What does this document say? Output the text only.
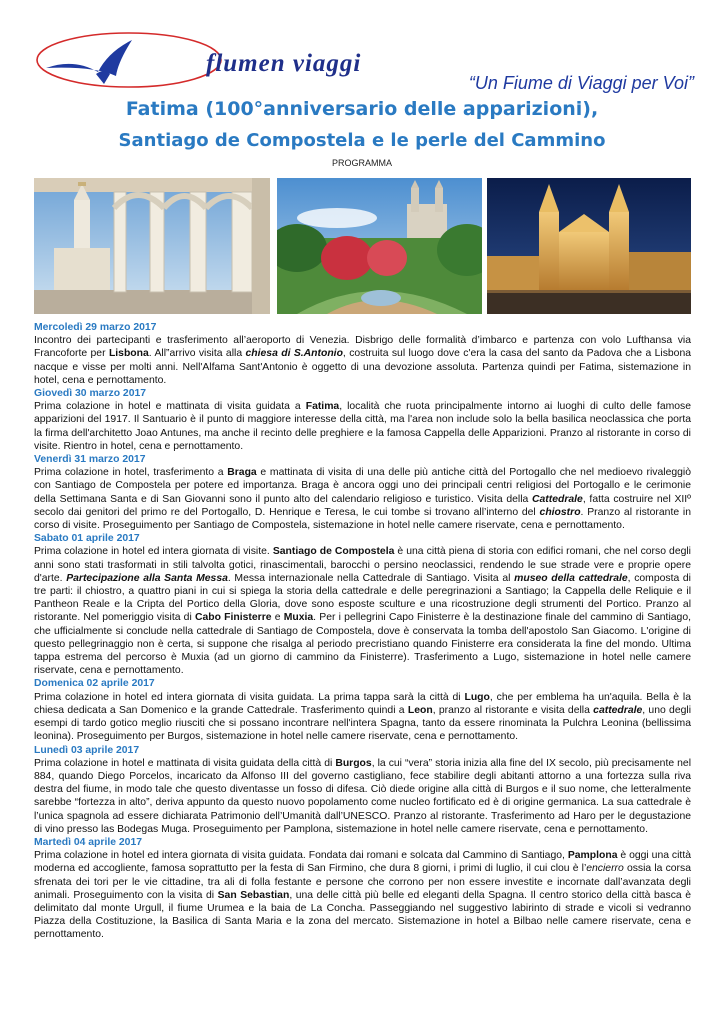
flumen viaggi
“Un Fiume di Viaggi per Voi”
Fatima (100°anniversario delle apparizioni),
Santiago de Compostela e le perle del Cammino
PROGRAMMA
Mercoledì 29 marzo 2017
Incontro dei partecipanti e trasferimento all’aeroporto di Venezia. Disbrigo delle formalità d’imbarco e partenza con volo Lufthansa via Francoforte per Lisbona. All”arrivo visita alla chiesa di S.Antonio, costruita sul luogo dove c'era la casa del santo da Padova che a Lisbona nacque e visse per molti anni. Nell'Alfama Sant'Antonio è oggetto di una devozione assoluta. Partenza quindi per Fatima, sistemazione in hotel, cena e pernottamento.
Giovedì 30 marzo 2017
Prima colazione in hotel e mattinata di visita guidata a Fatima, località che ruota principalmente intorno ai luoghi di culto delle famose apparizioni del 1917. Il Santuario è il punto di maggiore interesse della città, ma l'area non include solo la bella basilica neoclassica che porta la firma dell'architetto Joao Antunes, ma anche il recinto delle preghiere e la famosa Cappella delle Apparizioni. Pranzo al ristorante in corso di visite. Rientro in hotel, cena e pernottamento.
Venerdì 31 marzo 2017
Prima colazione in hotel, trasferimento a Braga e mattinata di visita di una delle più antiche città del Portogallo che nel medioevo rivaleggiò con Santiago de Compostela per potere ed importanza. Braga è ancora oggi uno dei principali centri religiosi del Portogallo e le cerimonie della Settimana Santa e di San Giovanni sono il punto alto del calendario religioso e turistico. Visita della Cattedrale, fatta costruire nel XIIº secolo dai genitori del primo re del Portogallo, D. Henrique e Teresa, le cui tombe si trovano all’interno del chiostro. Pranzo al ristorante in corso di visite. Proseguimento per Santiago de Compostela, sistemazione in hotel nelle camere riservate, cena e pernottamento.
Sabato 01 aprile 2017
Prima colazione in hotel ed intera giornata di visite. Santiago de Compostela è una città piena di storia con edifici romani, che nel corso degli anni sono stati trasformati in stili talvolta gotici, rinascimentali, barocchi o persino neoclassici, rendendo le sue strade vere e proprie opere d'arte. Partecipazione alla Santa Messa. Messa internazionale nella Cattedrale di Santiago. Visita al museo della cattedrale, composta di tre parti: il chiostro, a quattro piani in cui si spiega la storia della cattedrale e delle peregrinazioni a Santiago; la Cappella delle Reliquie e il Pantheon Reale e la Cripta del Portico della Gloria, dove sono esposte sculture e una ricostruzione degli strumenti del Portico. Pranzo al ristorante. Nel pomeriggio visita di Cabo Finisterre e Muxia. Per i pellegrini Capo Finisterre è la destinazione finale del cammino di Santiago, che ufficialmente si conclude nella cattedrale di Santiago de Compostela, dove è conservata la tomba dell'apostolo San Giacomo. L'origine di questo pellegrinaggio non è certa, si suppone che risalga al periodo precristiano quando Finisterre era considerata la fine del mondo. Ultima tappa estrema del percorso è Muxia (ad un giorno di cammino da Finisterre). Trasferimento a Lugo, sistemazione in hotel nelle camere riservate, cena e pernottamento.
Domenica 02 aprile 2017
Prima colazione in hotel ed intera giornata di visita guidata. La prima tappa sarà la città di Lugo, che per emblema ha un'aquila. Bella è la chiesa dedicata a San Domenico e la grande Cattedrale. Trasferimento quindi a Leon, pranzo al ristorante e visita della cattedrale, uno degli esempi di tardo gotico meglio riusciti che si possano incontrare nell'intera Spagna, tanto da essere rinominata la Pulchra Leonina (bellissima leonina). Proseguimento per Burgos, sistemazione in hotel nelle camere riservate, cena e pernottamento.
Lunedì 03 aprile 2017
Prima colazione in hotel e mattinata di visita guidata della città di Burgos, la cui “vera” storia inizia alla fine del IX secolo, più precisamente nel 884, quando Diego Porcelos, incaricato da Alfonso III del governo castigliano, fece stabilire degli abitanti attorno a una fortezza sulla riva destra del fiume, in modo tale che questo diventasse un fosso di difesa. Ciò diede origine alla città di Burgos e il suo nome, che letteralmente sarebbe “fortezza in alto”, deriva appunto da questo nuovo popolamento come nucleo fortificato ed è di origine germanica. La sua cattedrale è l’unica spagnola ad essere dichiarata Patrimonio dell’Umanità dall’UNESCO. Pranzo al ristorante. Trasferimento ad Haro per le degustazione di vino presso las Bodegas Muga. Proseguimento per Pamplona, sistemazione in hotel nelle camere riservate, cena e pernottamento.
Martedì 04 aprile 2017
Prima colazione in hotel ed intera giornata di visita guidata. Fondata dai romani e solcata dal Cammino di Santiago, Pamplona è oggi una città moderna ed accogliente, famosa soprattutto per la festa di San Firmino, che dura 8 giorni, i primi di luglio, il cui clou è l’encierro ossia la corsa sfrenata dei tori per le vie cittadine, tra ali di folla festante e persone che corrono per non essere investite e incornate dall’avanzata degli animali. Proseguimento con la visita di San Sebastian, una delle città più belle ed eleganti della Spagna. Il centro storico della città basca è delimitato dal monte Urgull, il fiume Urumea e la baia de La Concha. Passeggiando nel suggestivo labirinto di strade e vicoli si vedranno Piazza della Costituzione, la Basilica di Santa Maria e la zona del mercato. Sistemazione in hotel a Bilbao nelle camere riservate, cena e pernottamento.
